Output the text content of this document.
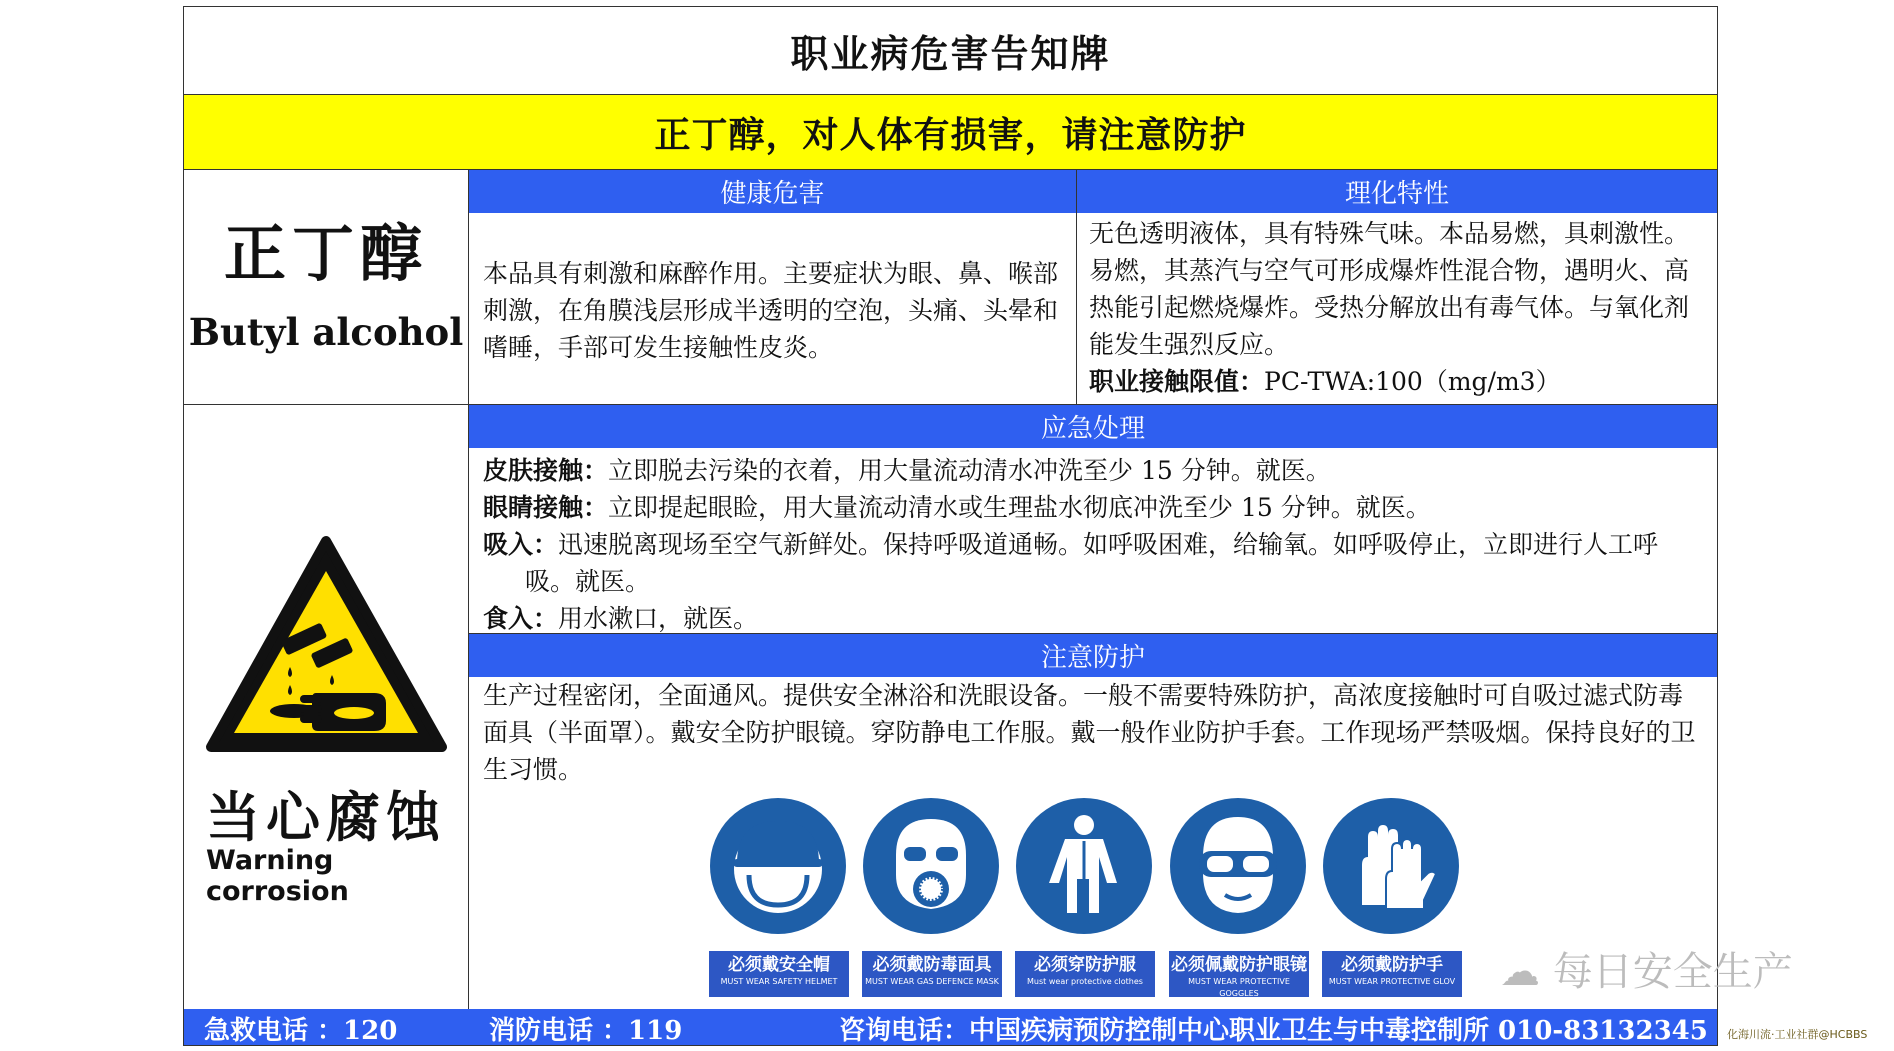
职业病危害告知牌
正丁醇，对人体有损害，请注意防护
正丁醇
Butyl alcohol
健康危害	理化特性
本品具有刺激和麻醉作用。主要症状为眼、鼻、喉部刺激，在角膜浅层形成半透明的空泡，头痛、头晕和嗜睡，手部可发生接触性皮炎。
无色透明液体，具有特殊气味。本品易燃，具刺激性。易燃，其蒸汽与空气可形成爆炸性混合物，遇明火、高热能引起燃烧爆炸。受热分解放出有毒气体。与氧化剂能发生强烈反应。
职业接触限值：PC-TWA:100（mg/m3）
当心腐蚀
Warning corrosion
应急处理
皮肤接触：立即脱去污染的衣着，用大量流动清水冲洗至少 15 分钟。就医。
眼睛接触：立即提起眼睑，用大量流动清水或生理盐水彻底冲洗至少 15 分钟。就医。
吸入：迅速脱离现场至空气新鲜处。保持呼吸道通畅。如呼吸困难，给输氧。如呼吸停止，立即进行人工呼吸。就医。
食入：用水漱口，就医。
注意防护
生产过程密闭，全面通风。提供安全淋浴和洗眼设备。一般不需要特殊防护，高浓度接触时可自吸过滤式防毒面具（半面罩）。戴安全防护眼镜。穿防静电工作服。戴一般作业防护手套。工作现场严禁吸烟。保持良好的卫生习惯。
必须戴安全帽
MUST WEAR SAFETY HELMET
必须戴防毒面具
MUST WEAR GAS DEFENCE MASK
必须穿防护服
Must wear protective clothes
必须佩戴防护眼镜
MUST WEAR PROTECTIVE GOGGLES
必须戴防护手
MUST WEAR PROTECTIVE GLOV
急救电话 ：120	消防电话 ：119	咨询电话：中国疾病预防控制中心职业卫生与中毒控制所 010-83132345
☁ 每日安全生产
化海川流·工业社群@HCBBS
